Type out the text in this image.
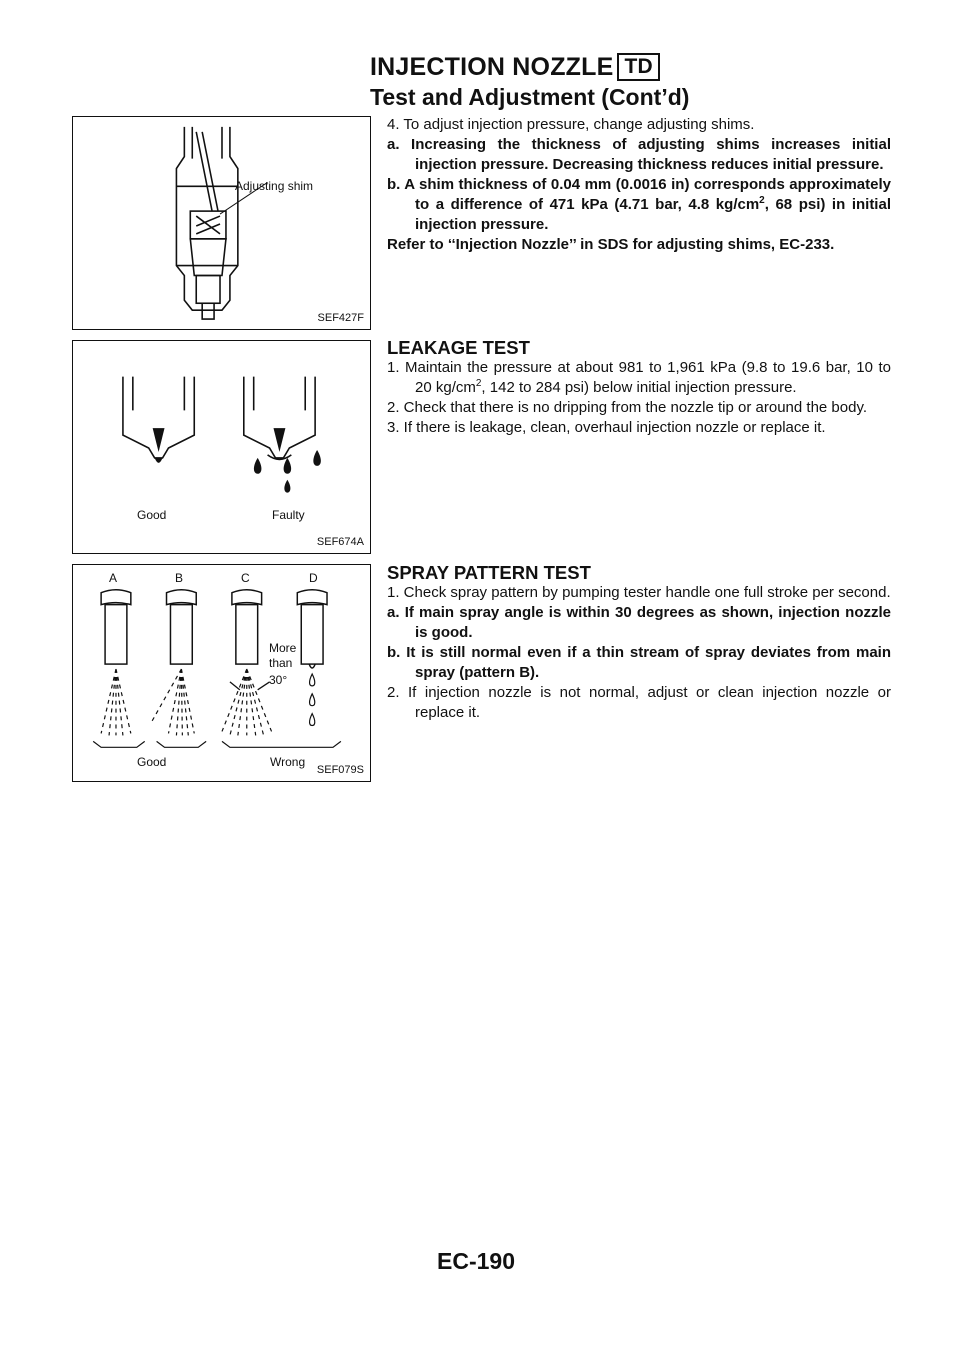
INJECTION NOZZLE TD
Test and Adjustment (Cont’d)
Adjusting shim
SEF427F
Good	Faulty
SEF674A
A	B	C	D
More than
30°
Good	Wrong
SEF079S

4. To adjust injection pressure, change adjusting shims.

a. Increasing the thickness of adjusting shims increases initial injection pressure. Decreasing thickness reduces initial pressure.

b. A shim thickness of 0.04 mm (0.0016 in) corresponds approximately to a difference of 471 kPa (4.71 bar, 4.8 $kg/cm^2$, 68 psi) in initial injection pressure.

Refer to ‘‘Injection Nozzle’’ in SDS for adjusting shims, EC-233.

LEAKAGE TEST

1. Maintain the pressure at about 981 to 1,961 kPa (9.8 to 19.6 bar, 10 to 20 $kg/cm^2$, 142 to 284 psi) below initial injection pressure.

2. Check that there is no dripping from the nozzle tip or around the body.

3. If there is leakage, clean, overhaul injection nozzle or replace it.

SPRAY PATTERN TEST

1. Check spray pattern by pumping tester handle one full stroke per second.

a. If main spray angle is within 30 degrees as shown, injection nozzle is good.

b. It is still normal even if a thin stream of spray deviates from main spray (pattern B).

2. If injection nozzle is not normal, adjust or clean injection nozzle or replace it.

EC-190
